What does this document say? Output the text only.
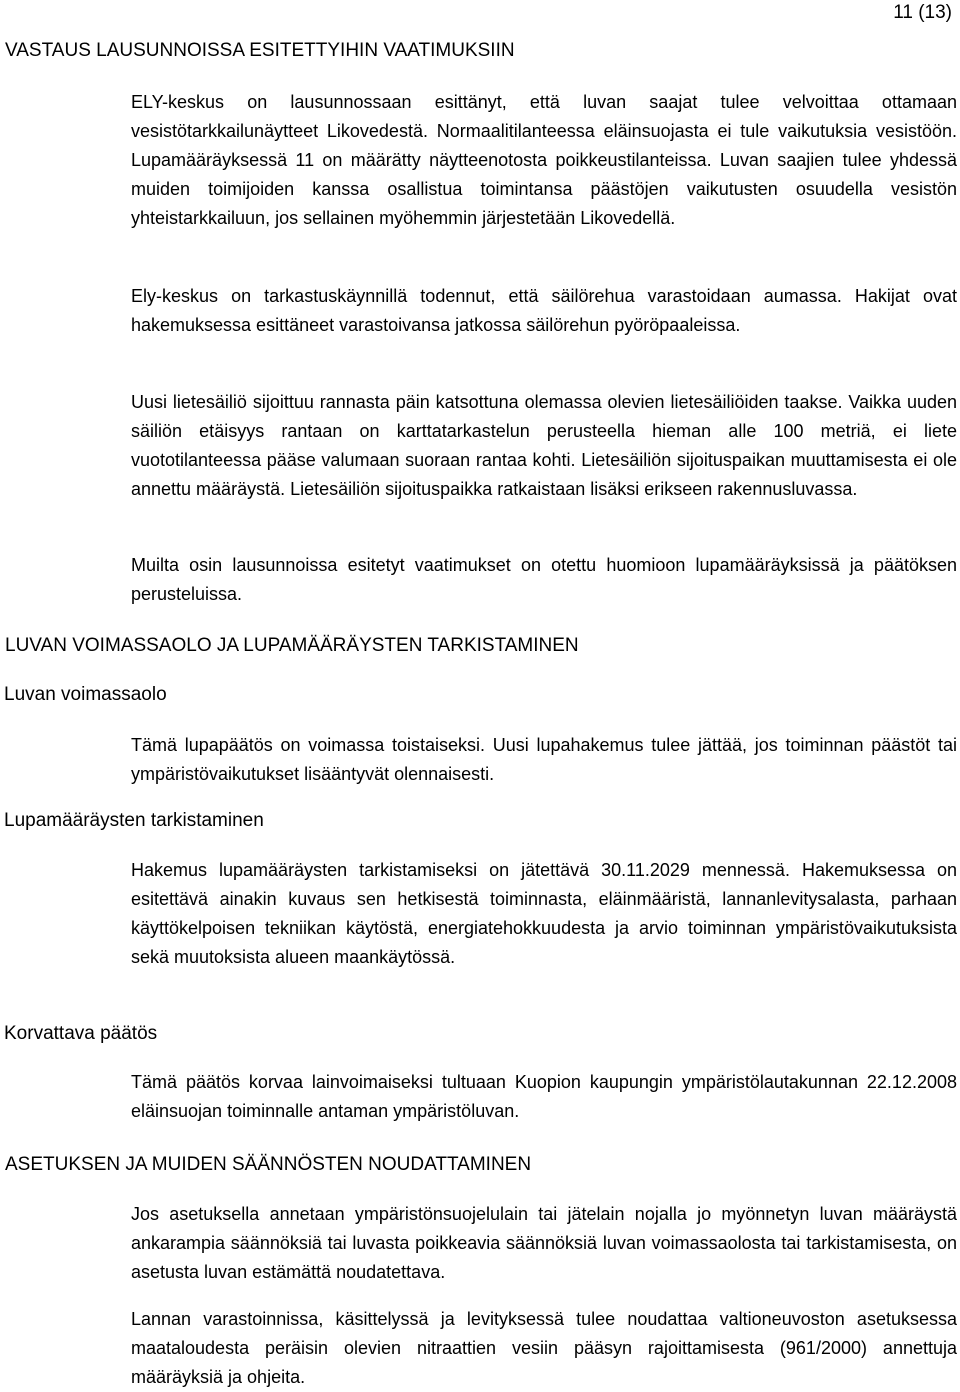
11 (13)
VASTAUS LAUSUNNOISSA ESITETTYIHIN VAATIMUKSIIN

ELY-keskus on lausunnossaan esittänyt, että luvan saajat tulee velvoittaa ottamaan vesistötarkkailunäytteet Likovedestä. Normaalitilanteessa eläinsuojasta ei tule vaikutuksia vesistöön. Lupamääräyksessä 11 on määrätty näytteenotosta poikkeustilanteissa. Luvan saajien tulee yhdessä muiden toimijoiden kanssa osallistua toimintansa päästöjen vaikutusten osuudella vesistön yhteistarkkailuun, jos sellainen myöhemmin järjestetään Likovedellä.

Ely-keskus on tarkastuskäynnillä todennut, että säilörehua varastoidaan aumassa. Hakijat ovat hakemuksessa esittäneet varastoivansa jatkossa säilörehun pyöröpaaleissa.

Uusi lietesäiliö sijoittuu rannasta päin katsottuna olemassa olevien lietesäiliöiden taakse. Vaikka uuden säiliön etäisyys rantaan on karttatarkastelun perusteella hieman alle 100 metriä, ei liete vuototilanteessa pääse valumaan suoraan rantaa kohti. Lietesäiliön sijoituspaikan muuttamisesta ei ole annettu määräystä. Lietesäiliön sijoituspaikka ratkaistaan lisäksi erikseen rakennusluvassa.

Muilta osin lausunnoissa esitetyt vaatimukset on otettu huomioon lupamääräyksissä ja päätöksen perusteluissa.

LUVAN VOIMASSAOLO JA LUPAMÄÄRÄYSTEN TARKISTAMINEN
Luvan voimassaolo

Tämä lupapäätös on voimassa toistaiseksi. Uusi lupahakemus tulee jättää, jos toiminnan päästöt tai ympäristövaikutukset lisääntyvät olennaisesti.

Lupamääräysten tarkistaminen

Hakemus lupamääräysten tarkistamiseksi on jätettävä 30.11.2029 mennessä. Hakemuksessa on esitettävä ainakin kuvaus sen hetkisestä toiminnasta, eläinmääristä, lannanlevitysalasta, parhaan käyttökelpoisen tekniikan käytöstä, energiatehokkuudesta ja arvio toiminnan ympäristövaikutuksista sekä muutoksista alueen maankäytössä.

Korvattava päätös

Tämä päätös korvaa lainvoimaiseksi tultuaan Kuopion kaupungin ympäristölautakunnan 22.12.2008 eläinsuojan toiminnalle antaman ympäristöluvan.

ASETUKSEN JA MUIDEN SÄÄNNÖSTEN NOUDATTAMINEN

Jos asetuksella annetaan ympäristönsuojelulain tai jätelain nojalla jo myönnetyn luvan määräystä ankarampia säännöksiä tai luvasta poikkeavia säännöksiä luvan voimassaolosta tai tarkistamisesta, on asetusta luvan estämättä noudatettava.

Lannan varastoinnissa, käsittelyssä ja levityksessä tulee noudattaa valtioneuvoston asetuksessa maataloudesta peräisin olevien nitraattien vesiin pääsyn rajoittamisesta (961/2000) annettuja määräyksiä ja ohjeita.
